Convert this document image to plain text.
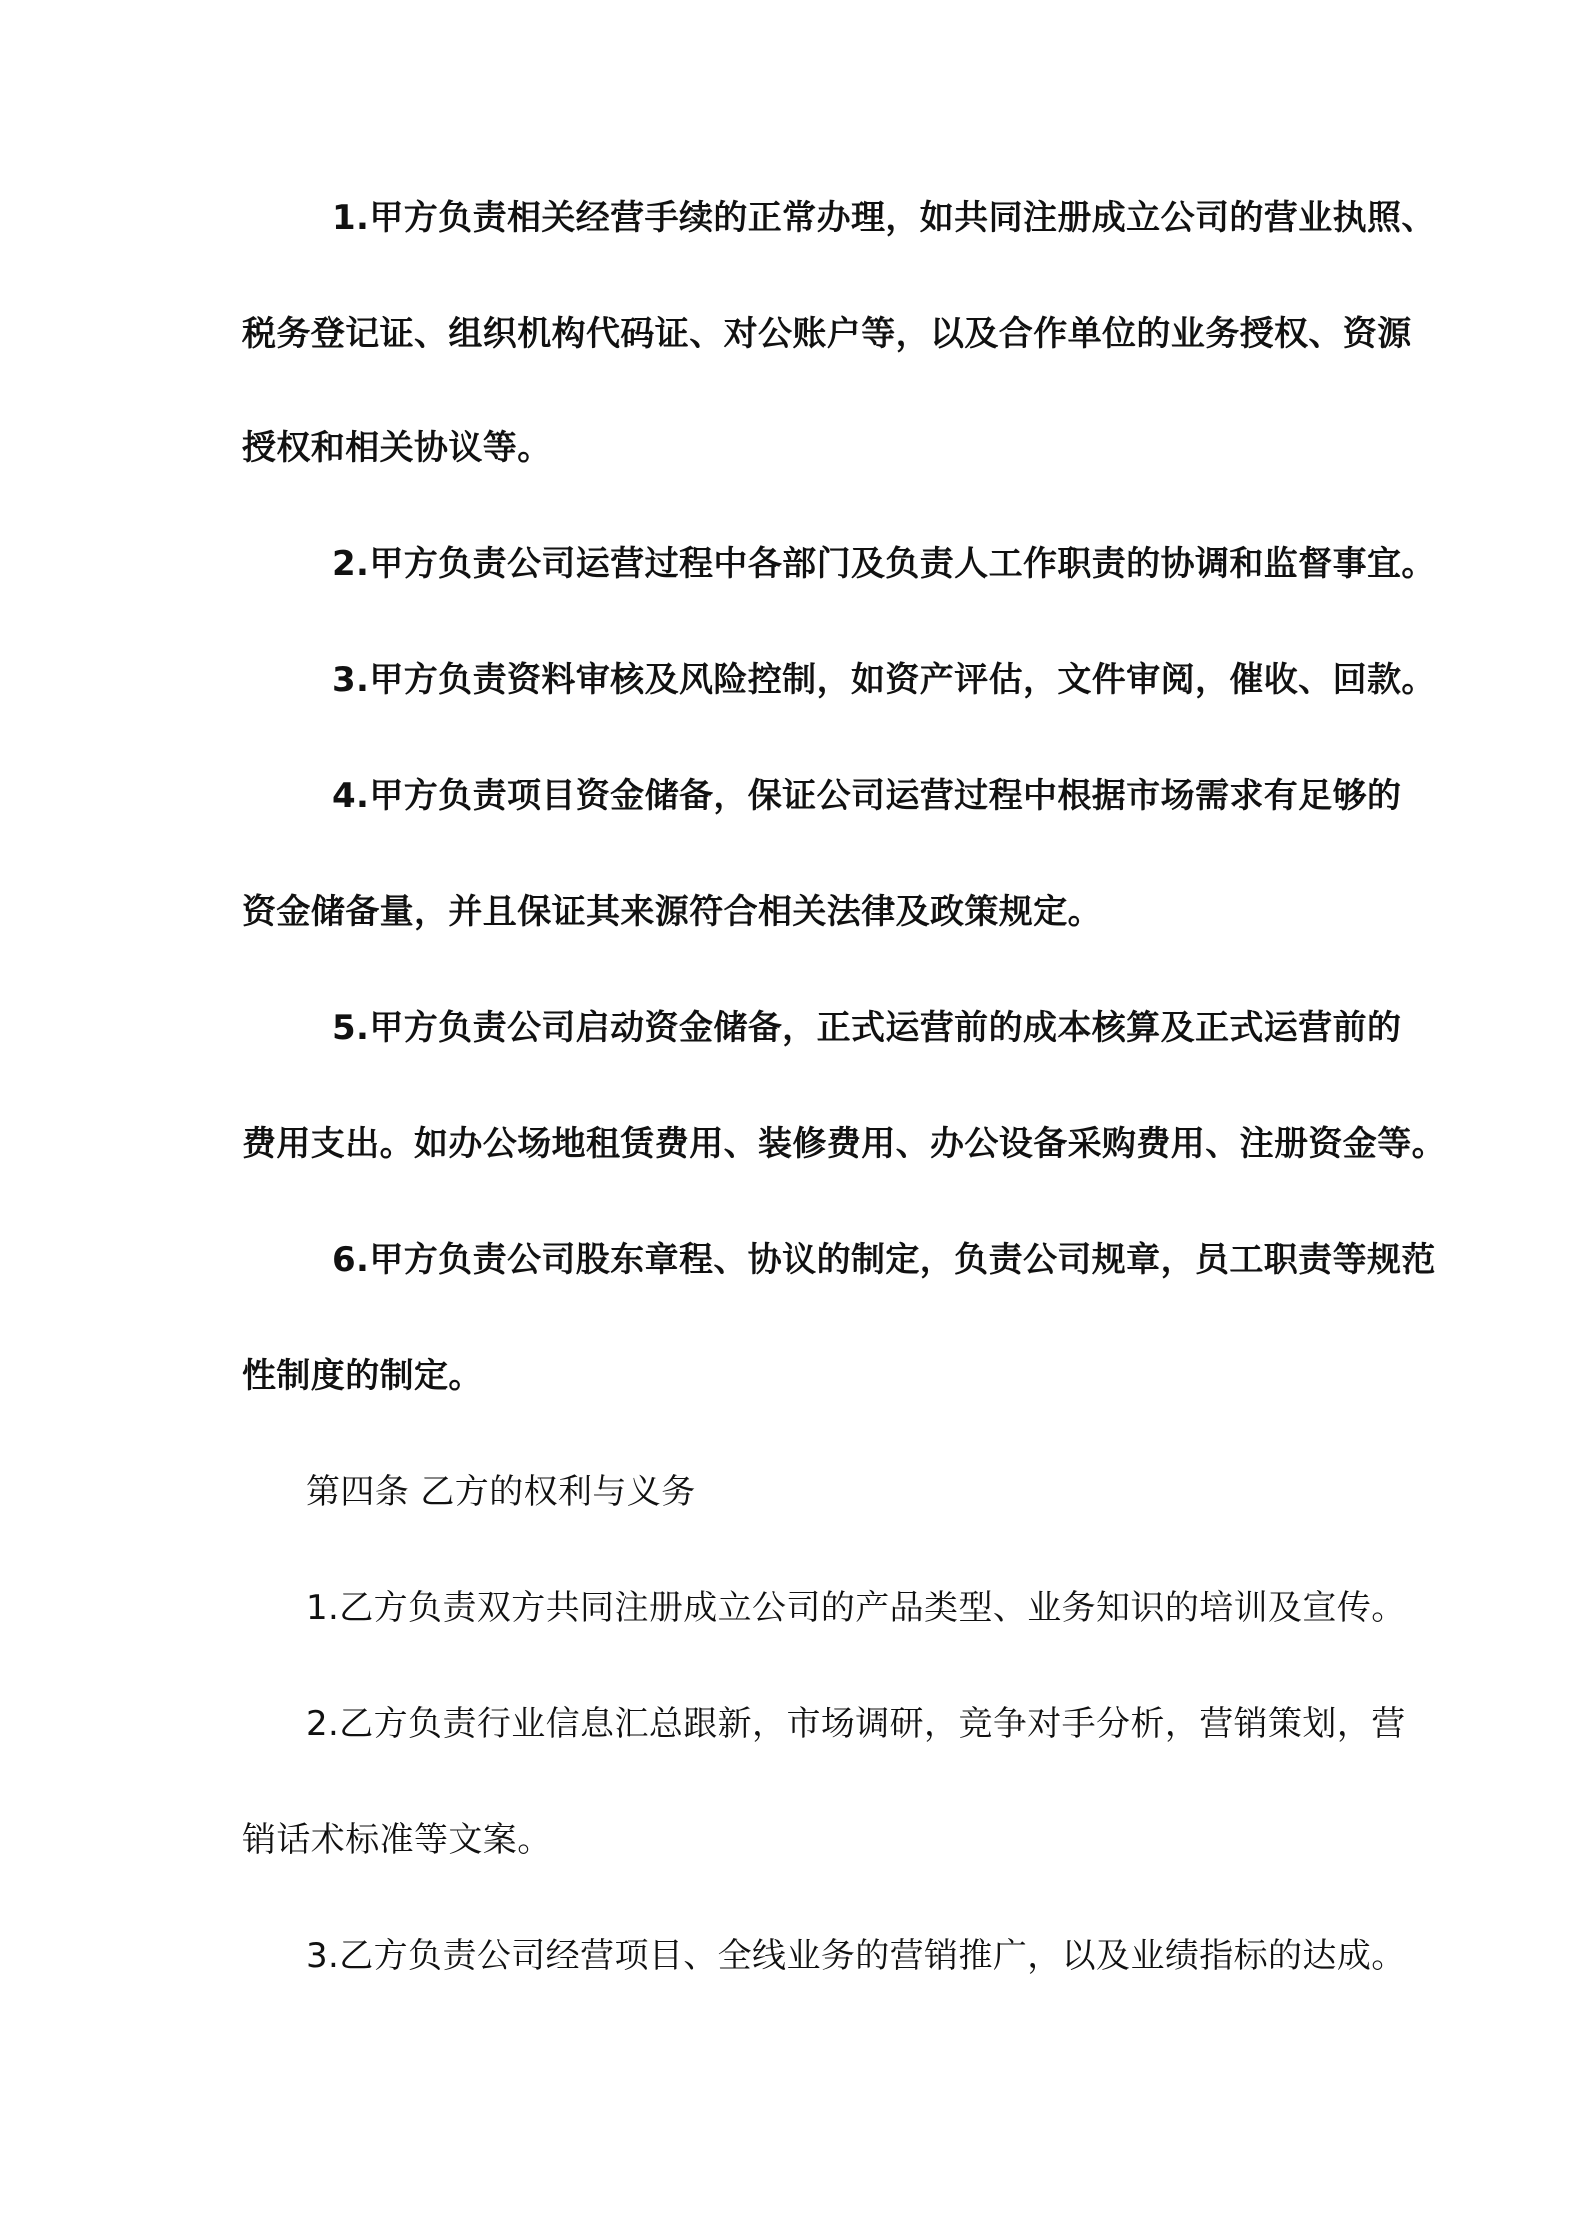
1.甲方负责相关经营手续的正常办理，如共同注册成立公司的营业执照、
税务登记证、组织机构代码证、对公账户等，以及合作单位的业务授权、资源
授权和相关协议等。
2.甲方负责公司运营过程中各部门及负责人工作职责的协调和监督事宜。
3.甲方负责资料审核及风险控制，如资产评估，文件审阅，催收、回款。
4.甲方负责项目资金储备，保证公司运营过程中根据市场需求有足够的
资金储备量，并且保证其来源符合相关法律及政策规定。
5.甲方负责公司启动资金储备，正式运营前的成本核算及正式运营前的
费用支出。如办公场地租赁费用、装修费用、办公设备采购费用、注册资金等。
6.甲方负责公司股东章程、协议的制定，负责公司规章，员工职责等规范
性制度的制定。
第四条 乙方的权利与义务
1.乙方负责双方共同注册成立公司的产品类型、业务知识的培训及宣传。
2.乙方负责行业信息汇总跟新，市场调研，竞争对手分析，营销策划，营
销话术标准等文案。
3.乙方负责公司经营项目、全线业务的营销推广，以及业绩指标的达成。
